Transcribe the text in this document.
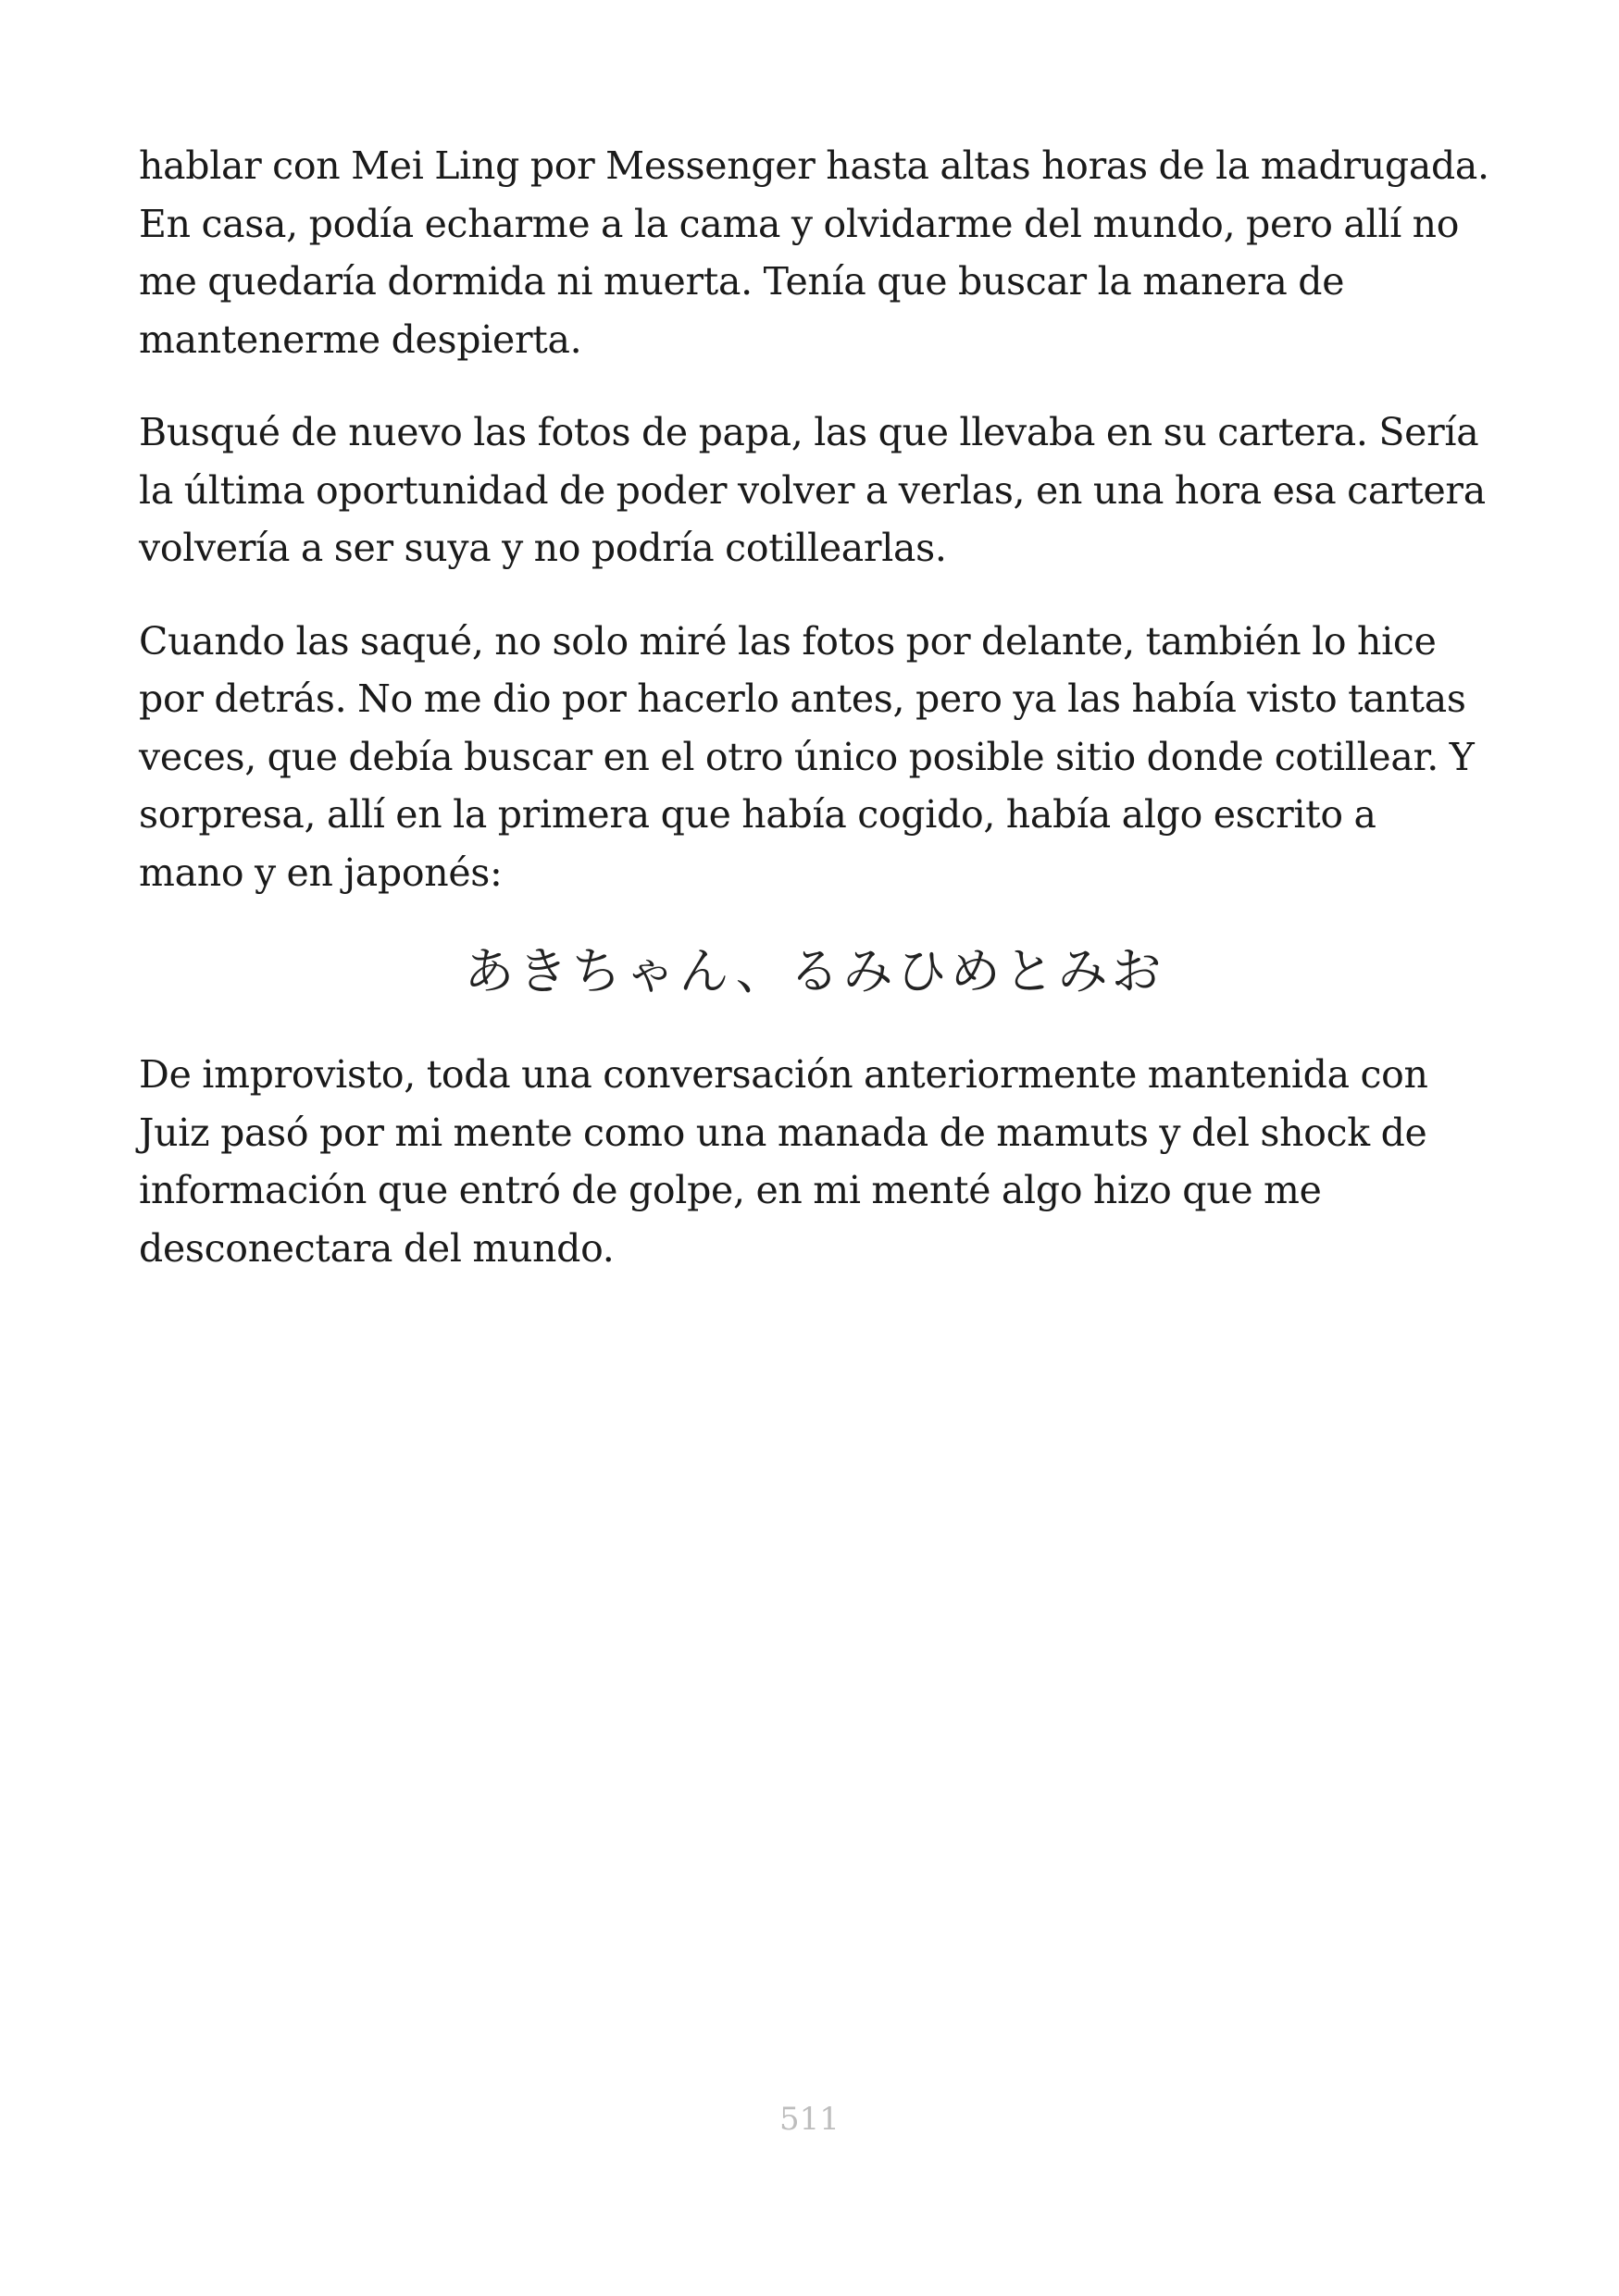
hablar con Mei Ling por Messenger hasta altas horas de la madrugada. En casa, podía echarme a la cama y olvidarme del mundo, pero allí no me quedaría dormida ni muerta. Tenía que buscar la manera de mantenerme despierta.

Busqué de nuevo las fotos de papa, las que llevaba en su cartera. Sería la última oportunidad de poder volver a verlas, en una hora esa cartera volvería a ser suya y no podría cotillearlas.

Cuando las saqué, no solo miré las fotos por delante, también lo hice por detrás. No me dio por hacerlo antes, pero ya las había visto tantas veces, que debía buscar en el otro único posible sitio donde cotillear. Y sorpresa, allí en la primera que había cogido, había algo escrito a mano y en japonés:

あきちゃん、るみひめとみお

De improvisto, toda una conversación anteriormente mantenida con Juiz pasó por mi mente como una manada de mamuts y del shock de información que entró de golpe, en mi menté algo hizo que me desconectara del mundo.

511
